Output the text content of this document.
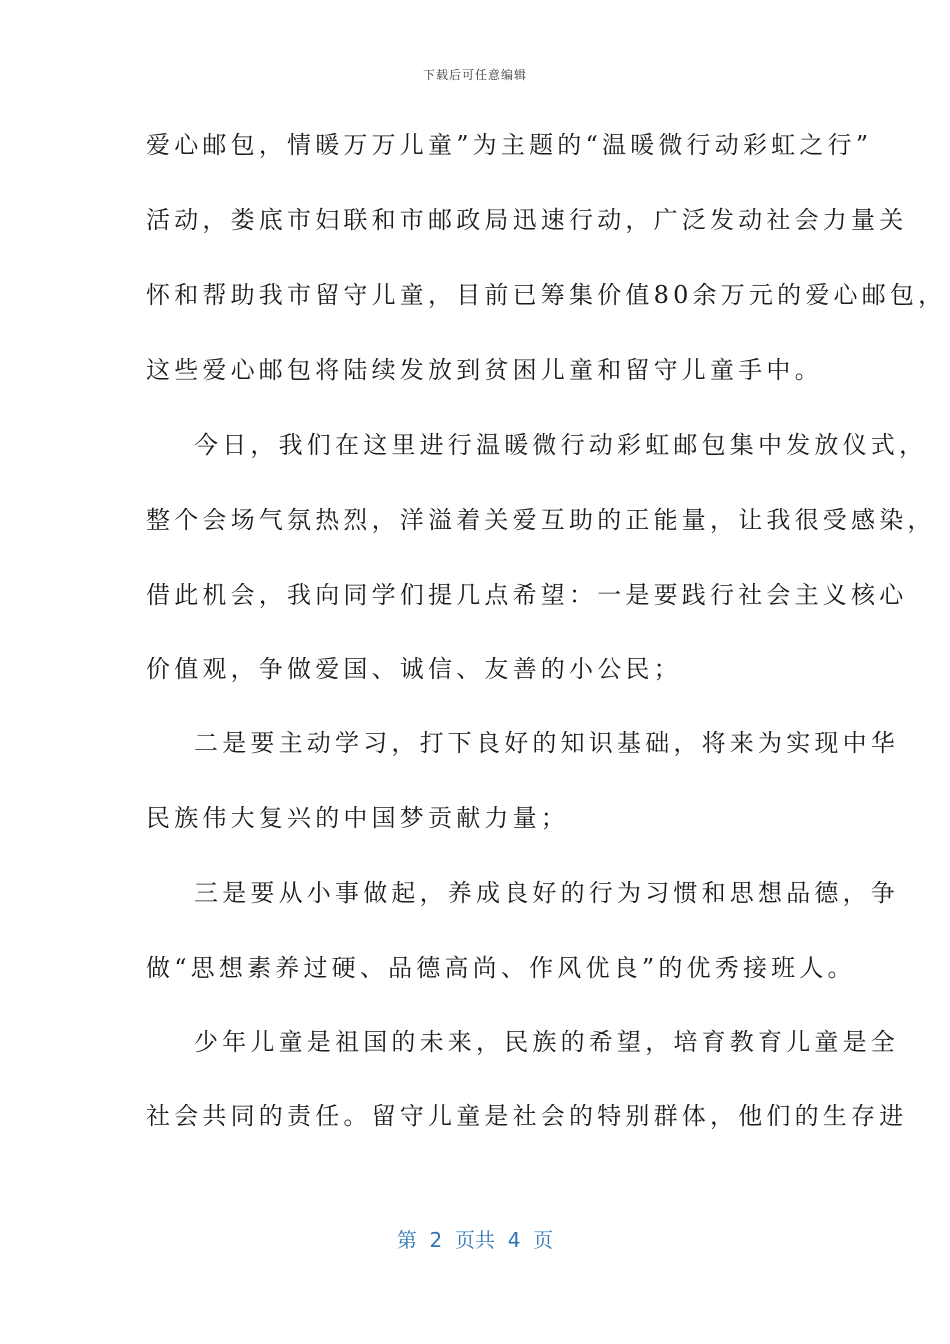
下载后可任意编辑
爱心邮包，情暖万万儿童”为主题的“温暖微行动彩虹之行”
活动，娄底市妇联和市邮政局迅速行动，广泛发动社会力量关
怀和帮助我市留守儿童，目前已筹集价值80余万元的爱心邮包，
这些爱心邮包将陆续发放到贫困儿童和留守儿童手中。
今日，我们在这里进行温暖微行动彩虹邮包集中发放仪式，
整个会场气氛热烈，洋溢着关爱互助的正能量，让我很受感染，
借此机会，我向同学们提几点希望：一是要践行社会主义核心
价值观，争做爱国、诚信、友善的小公民；
二是要主动学习，打下良好的知识基础，将来为实现中华
民族伟大复兴的中国梦贡献力量；
三是要从小事做起，养成良好的行为习惯和思想品德，争
做“思想素养过硬、品德高尚、作风优良”的优秀接班人。
少年儿童是祖国的未来，民族的希望，培育教育儿童是全
社会共同的责任。留守儿童是社会的特别群体，他们的生存进
第  2  页共  4  页
